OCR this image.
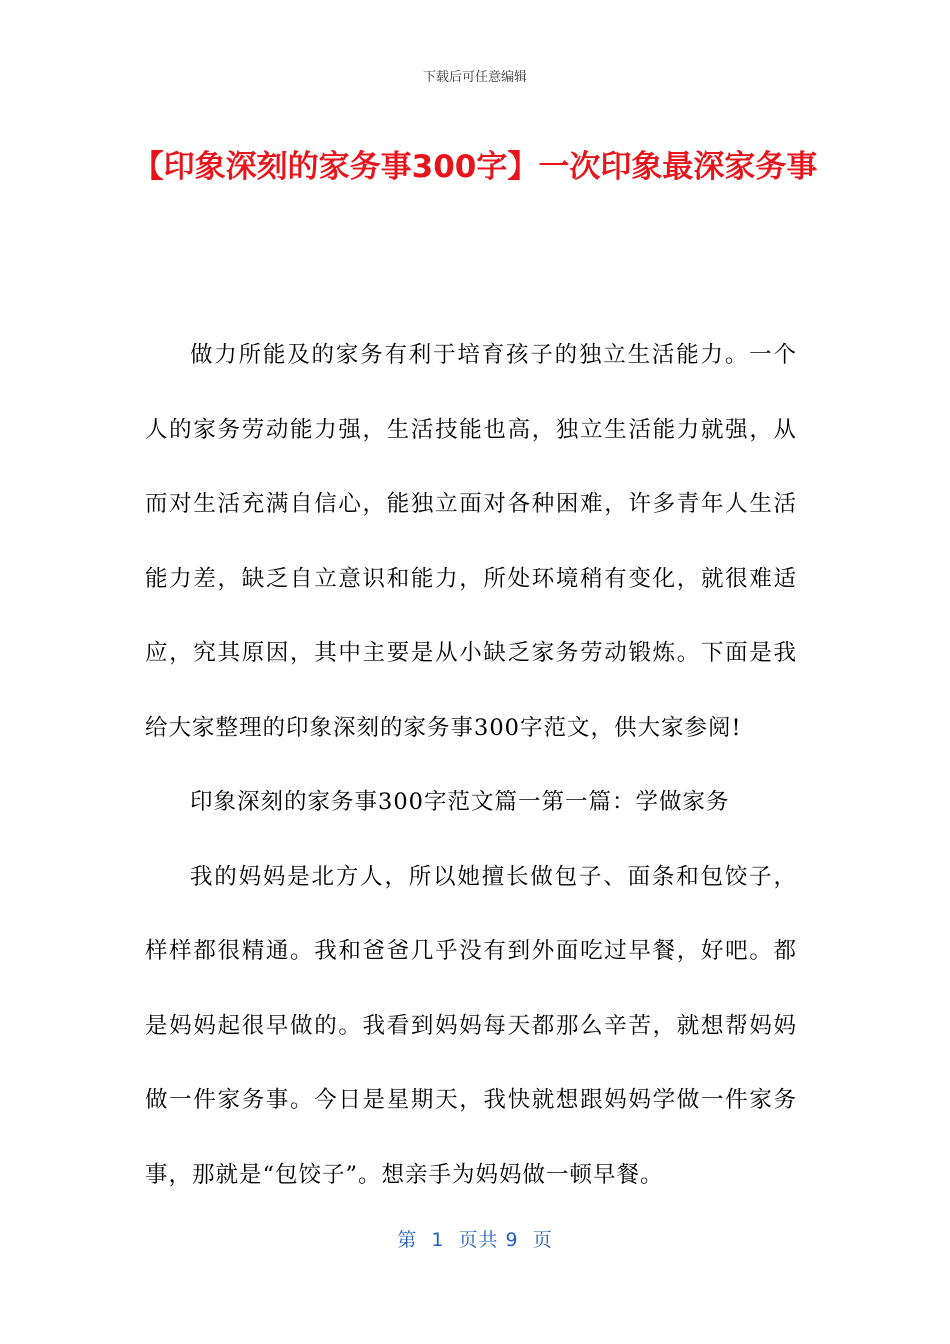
下载后可任意编辑
【印象深刻的家务事300字】一次印象最深家务事

做力所能及的家务有利于培育孩子的独立生活能力。一个人的家务劳动能力强，生活技能也高，独立生活能力就强，从而对生活充满自信心，能独立面对各种困难，许多青年人生活能力差，缺乏自立意识和能力，所处环境稍有变化，就很难适应，究其原因，其中主要是从小缺乏家务劳动锻炼。下面是我给大家整理的印象深刻的家务事300字范文，供大家参阅!

印象深刻的家务事300字范文篇一第一篇：学做家务

我的妈妈是北方人，所以她擅长做包子、面条和包饺子，样样都很精通。我和爸爸几乎没有到外面吃过早餐，好吧。都是妈妈起很早做的。我看到妈妈每天都那么辛苦，就想帮妈妈做一件家务事。今日是星期天，我快就想跟妈妈学做一件家务事，那就是“包饺子”。想亲手为妈妈做一顿早餐。

第  1  页共 9  页
